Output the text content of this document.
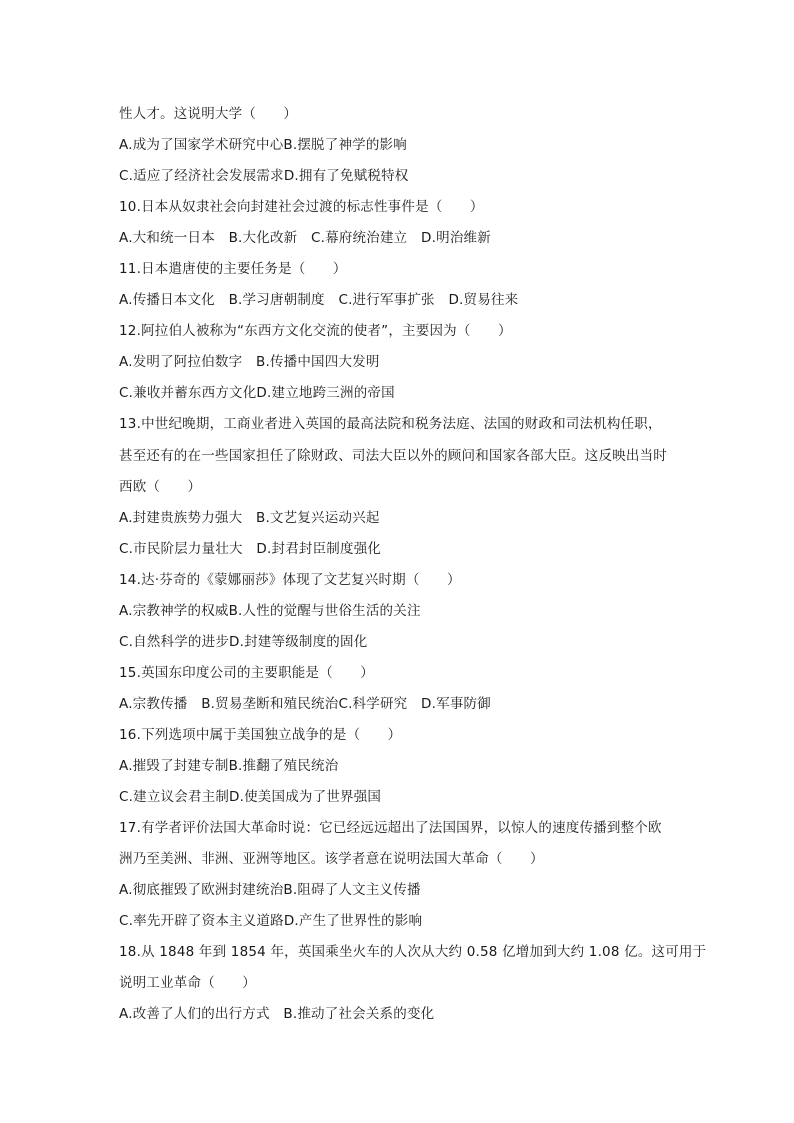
性人才。这说明大学（　　）
A.成为了国家学术研究中心B.摆脱了神学的影响
C.适应了经济社会发展需求D.拥有了免赋税特权
10.日本从奴隶社会向封建社会过渡的标志性事件是（　　）
A.大和统一日本　B.大化改新　C.幕府统治建立　D.明治维新
11.日本遣唐使的主要任务是（　　）
A.传播日本文化　B.学习唐朝制度　C.进行军事扩张　D.贸易往来
12.阿拉伯人被称为“东西方文化交流的使者”，主要因为（　　）
A.发明了阿拉伯数字　B.传播中国四大发明
C.兼收并蓄东西方文化D.建立地跨三洲的帝国
13.中世纪晚期，工商业者进入英国的最高法院和税务法庭、法国的财政和司法机构任职，
甚至还有的在一些国家担任了除财政、司法大臣以外的顾问和国家各部大臣。这反映出当时
西欧（　　）
A.封建贵族势力强大　B.文艺复兴运动兴起
C.市民阶层力量壮大　D.封君封臣制度强化
14.达·芬奇的《蒙娜丽莎》体现了文艺复兴时期（　　）
A.宗教神学的权威B.人性的觉醒与世俗生活的关注
C.自然科学的进步D.封建等级制度的固化
15.英国东印度公司的主要职能是（　　）
A.宗教传播　B.贸易垄断和殖民统治C.科学研究　D.军事防御
16.下列选项中属于美国独立战争的是（　　）
A.摧毁了封建专制B.推翻了殖民统治
C.建立议会君主制D.使美国成为了世界强国
17.有学者评价法国大革命时说：它已经远远超出了法国国界，以惊人的速度传播到整个欧
洲乃至美洲、非洲、亚洲等地区。该学者意在说明法国大革命（　　）
A.彻底摧毁了欧洲封建统治B.阻碍了人文主义传播
C.率先开辟了资本主义道路D.产生了世界性的影响
18.从 1848 年到 1854 年，英国乘坐火车的人次从大约 0.58 亿增加到大约 1.08 亿。这可用于
说明工业革命（　　）
A.改善了人们的出行方式　B.推动了社会关系的变化
